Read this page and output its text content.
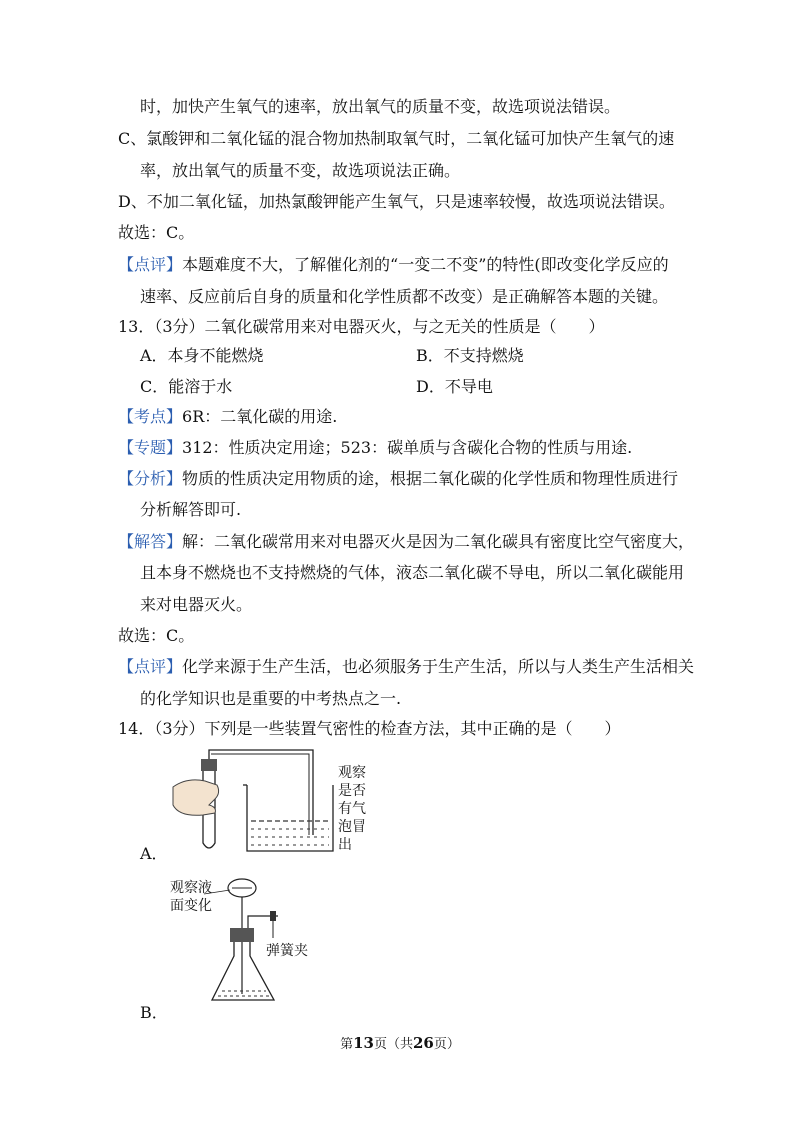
时，加快产生氧气的速率，放出氧气的质量不变，故选项说法错误。
C、氯酸钾和二氧化锰的混合物加热制取氧气时，二氧化锰可加快产生氧气的速
率，放出氧气的质量不变，故选项说法正确。
D、不加二氧化锰，加热氯酸钾能产生氧气，只是速率较慢，故选项说法错误。
故选：C。
【点评】本题难度不大，了解催化剂的“一变二不变”的特性(即改变化学反应的
速率、反应前后自身的质量和化学性质都不改变）是正确解答本题的关键。
13．（3分）二氧化碳常用来对电器灭火，与之无关的性质是（　　）
A．本身不能燃烧	B．不支持燃烧
C．能溶于水	D．不导电
【考点】6R：二氧化碳的用途.
【专题】312：性质决定用途；523：碳单质与含碳化合物的性质与用途.
【分析】物质的性质决定用物质的途，根据二氧化碳的化学性质和物理性质进行
分析解答即可.
【解答】解：二氧化碳常用来对电器灭火是因为二氧化碳具有密度比空气密度大，
且本身不燃烧也不支持燃烧的气体，液态二氧化碳不导电，所以二氧化碳能用
来对电器灭火。
故选：C。
【点评】化学来源于生产生活，也必须服务于生产生活，所以与人类生产生活相关
的化学知识也是重要的中考热点之一.
14．（3分）下列是一些装置气密性的检查方法，其中正确的是（　　）
A．
观察
是否
有气
泡冒
出
B．
观察液
面变化
弹簧夹
第13页（共26页）
